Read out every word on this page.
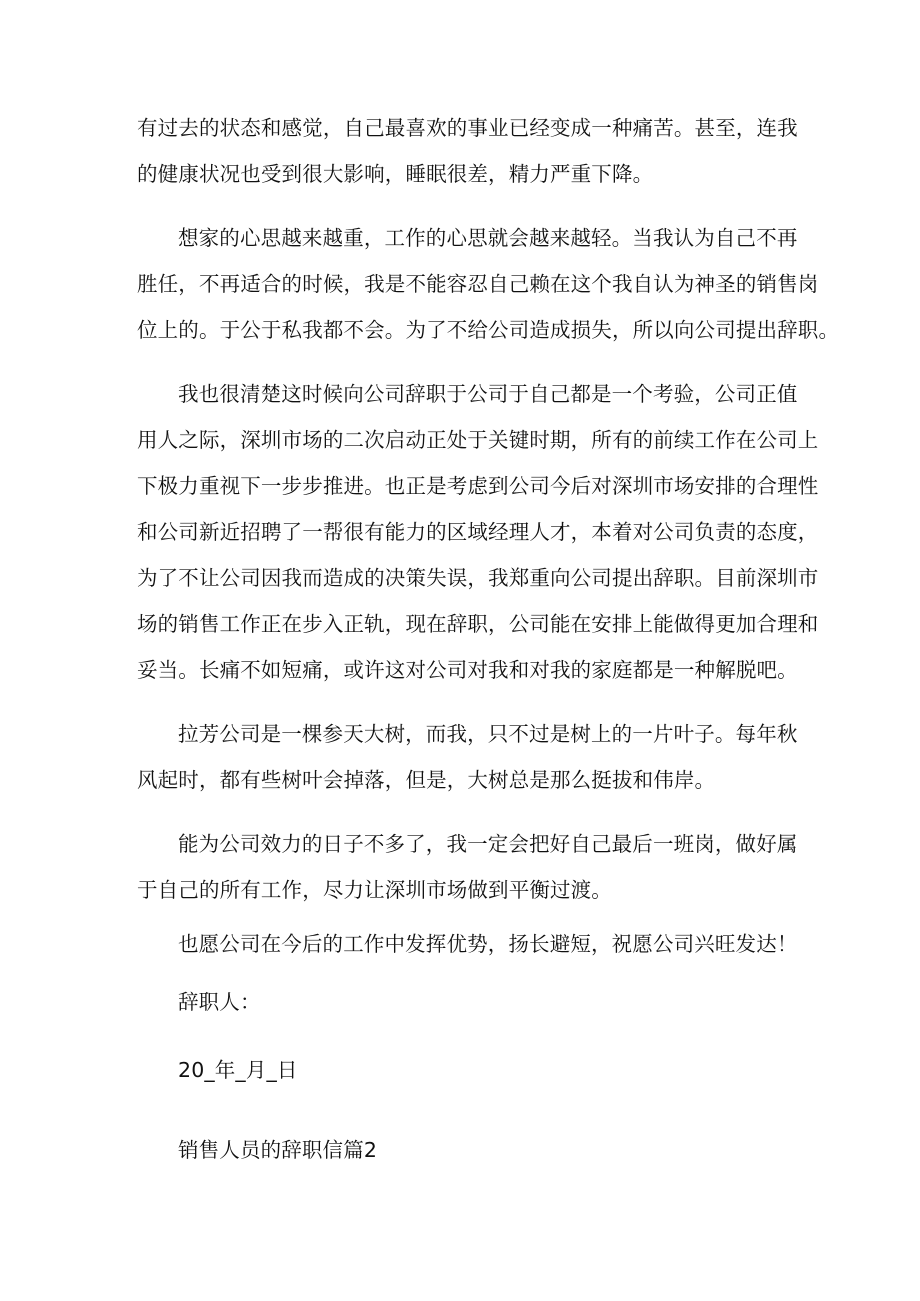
有过去的状态和感觉，自己最喜欢的事业已经变成一种痛苦。甚至，连我
的健康状况也受到很大影响，睡眠很差，精力严重下降。
想家的心思越来越重，工作的心思就会越来越轻。当我认为自己不再
胜任，不再适合的时候，我是不能容忍自己赖在这个我自认为神圣的销售岗
位上的。于公于私我都不会。为了不给公司造成损失，所以向公司提出辞职。
我也很清楚这时候向公司辞职于公司于自己都是一个考验，公司正值
用人之际，深圳市场的二次启动正处于关键时期，所有的前续工作在公司上
下极力重视下一步步推进。也正是考虑到公司今后对深圳市场安排的合理性
和公司新近招聘了一帮很有能力的区域经理人才，本着对公司负责的态度，
为了不让公司因我而造成的决策失误，我郑重向公司提出辞职。目前深圳市
场的销售工作正在步入正轨，现在辞职，公司能在安排上能做得更加合理和
妥当。长痛不如短痛，或许这对公司对我和对我的家庭都是一种解脱吧。
拉芳公司是一棵参天大树，而我，只不过是树上的一片叶子。每年秋
风起时，都有些树叶会掉落，但是，大树总是那么挺拔和伟岸。
能为公司效力的日子不多了，我一定会把好自己最后一班岗，做好属
于自己的所有工作，尽力让深圳市场做到平衡过渡。
也愿公司在今后的工作中发挥优势，扬长避短，祝愿公司兴旺发达！
辞职人：
20_年_月_日
销售人员的辞职信篇2
